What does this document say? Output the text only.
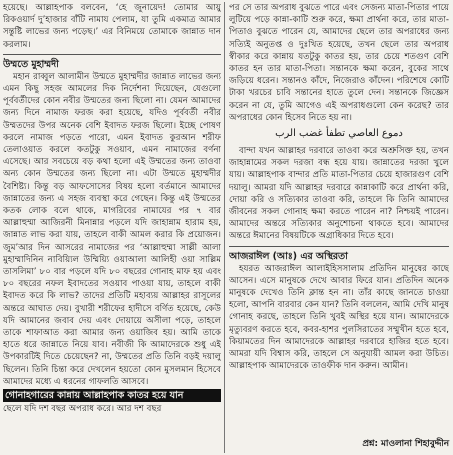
হয়েছে। আল্লাহপাক বলবেন, ‘হে জুনায়েদ! তোমার আয়ু রিকওয়ার্দ দু’হাজার বাঁটি নামায পেলাম, যা তুমি একমাত্র আমার সন্তুষ্টি লাভের জন্য পড়েছ।’ এর বিনিময়ে তোমাকে জান্নাত দান করলাম।

উম্মতে মুহাম্মদী

মহান রাব্বুল আলামীন উম্মতে মুহাম্মদীর জান্নাত লাভের জন্য এমন কিছু সহজ আমলের দিক নির্দেশনা দিয়েছেন, যেগুলো পূর্ববর্তীদের কোন নবীর উম্মতের জন্য ছিলো না। যেমন আমাদের জন্য দিনে নামাজ ফরজ করা হয়েছে, যদিও পূর্ববর্তী নবীর উম্মতদের উপর অনেক বেশি ইবাদত ফরজ ছিলো। ইচ্ছে পোষণ করলে নামাজ পড়তে পারো, এমন ইবাদত কুরআন শরীফ তেলাওয়াত করলে কতটুকু সওয়াব, এমন নামাজের বর্ণনা এসেছে। আর সবচেয়ে বড় কথা হলো এই উম্মতের জন্য তাওবা অন্য কোন উম্মতের জন্য ছিলো না। এটা উম্মতে মুহাম্মদীর বৈশিষ্ট্য। কিন্তু বড় আফসোসের বিষয় হলো বর্তমানে আমাদের জান্নাতের জন্য এ সহজ ব্যবস্থা করে গেছেন। কিন্তু এই উম্মতের কতক লোক বলে থাকে, মাগরিবের নামাযের পর ৭ বার আল্লাহুম্মা আজিরনী মিনান্নার পড়লে যদি জাহান্নাম হারাম হয়, জান্নাত লাভ করা যায়, তাহলে বাকী আমল করার কি প্রয়োজন। জুম’আর দিন আসরের নামাজের পর ‘আল্লাহুম্মা সাল্লী আলা মুহাম্মাদিনিন নাবিয়্যিল উম্মিয়্যি ওয়াআলা আলিহী ওয়া সাল্লিম তাসলিমা’ ৮০ বার পড়লে যদি ৮০ বছরের গোনাহ মাফ হয় এবং ৮০ বছরের নফল ইবাদতের সওয়াব পাওয়া যায়, তাহলে বাকী ইবাদত করে কি লাভ? তাদের প্রতিটি মহাব্যয় আল্লাহর রাসূলের অন্তরে আঘাত দেয়। বুখারী শরীফের হাদীসে বর্ণিত হয়েছে, কেউ যদি আমানের জবাব দেয় এবং দোয়ায়ে অসীলা পড়ে, তাহলে তাকে শাফাআত করা আমার জন্য ওয়াজিব হয়। আমি তাকে হাতে ধরে জান্নাতে নিয়ে যাব। নবীজী কি আমাদেরকে শুধু এই উপকারটিই দিতে চেয়েছেন? না, উম্মতের প্রতি তিনি বড়ই দয়ালু ছিলেন। তিনি চিন্তা করে দেখলেন হয়তো কোন মুসলমান হিসেবে আমাদের মধ্যে এ ধরনের গাফলতি আসবে।

গোনাহগারের কান্নায় আল্লাহপাক কাতর হয়ে যান

ছেলে যদি দশ বছর অপরাধ করে। আর দশ বছর

পর সে তার অপরাধ বুঝতে পারে এবং সেজন্য মাতা-পিতার পায়ে লুটিয়ে পড়ে কান্না-কাটি শুরু করে, ক্ষমা প্রার্থনা করে, তার মাতা-পিতাও বুঝতে পারেন যে, আমাদের ছেলে তার অপরাধের জন্য সত্যিই অনুতপ্ত ও দুঃখিত হয়েছে, তখন ছেলে তার অপরাধ স্বীকার করে কান্নায় যতটুকু কাতর হয়, তার চেয়ে শতগুণ বেশি কাতর হন তার মাতা-পিতা। সন্তানকে ক্ষমা করেন, বুকের সাথে জড়িয়ে ধরেন। সন্তানও কাঁদে, নিজেরাও কাঁদেন। পরিশেষে কোটি টাকা খরচের চাবি সন্তানের হাতে তুলে দেন। সন্তানকে জিজ্ঞেস করেন না যে, তুমি আগেও এই অপরাধগুলো কেন করেছ? তার অপরাধের কোন হিসেব নিতে হয় না।

دموع العاصي تطفأ غضب الرب

বান্দা যখন আল্লাহর দরবারে তাওবা করে অশ্রুসিক্ত হয়, তখন জাহান্নামের সকল দরজা বন্ধ হয়ে যায়। জান্নাতের দরজা খুলে যায়। আল্লাহপাক বান্দার প্রতি মাতা-পিতার চেয়ে হাজারগুণ বেশি দয়ালু। আমরা যদি আল্লাহর দরবারে কান্নাকাটি করে প্রার্থনা করি, দোয়া করি ও সত্যিকার তাওবা করি, তাহলে কি তিনি আমাদের জীবনের সকল গোনাহ ক্ষমা করতে পারেন না? নিশ্চয়ই পারেন। আমাদের অন্তরে সত্যিকার অনুশোচনা থাকতে হবে। আমাদের অন্তরে ঈমানের বিষয়টিকে অগ্রাধিকার দিতে হবে।

আজরাঈল (আঃ) এর অস্থিরতা

হযরত আজরাঈল আলাইহিসসালাম প্রতিদিন মানুষের কাছে আসেন। এসে মানুষকে দেখে আবার ফিরে যান। প্রতিদিন অনেক মানুষকে দেখেও তিনি ক্লান্ত হন না। তাঁর কাছে জানতে চাওয়া হলো, আপনি বারবার কেন যান? তিনি বললেন, আমি দেখি মানুষ গোনাহ করছে, তাহলে তিনি খুবই অস্থির হয়ে যান। আমাদেরকে মৃত্যুবরণ করতে হবে, কবর-হাশর পুলসিরাতের সম্মুখীন হতে হবে, কিয়ামতের দিন আমাদেরকে আল্লাহর দরবারে হাজির হতে হবে। আমরা যদি বিশ্বাস করি, তাহলে সে অনুযায়ী আমল করা উচিত। আল্লাহপাক আমাদেরকে তাওফীক দান করুন। আমীন।

প্রশ্ন: মাওলানা শিহাবুদ্দীন
